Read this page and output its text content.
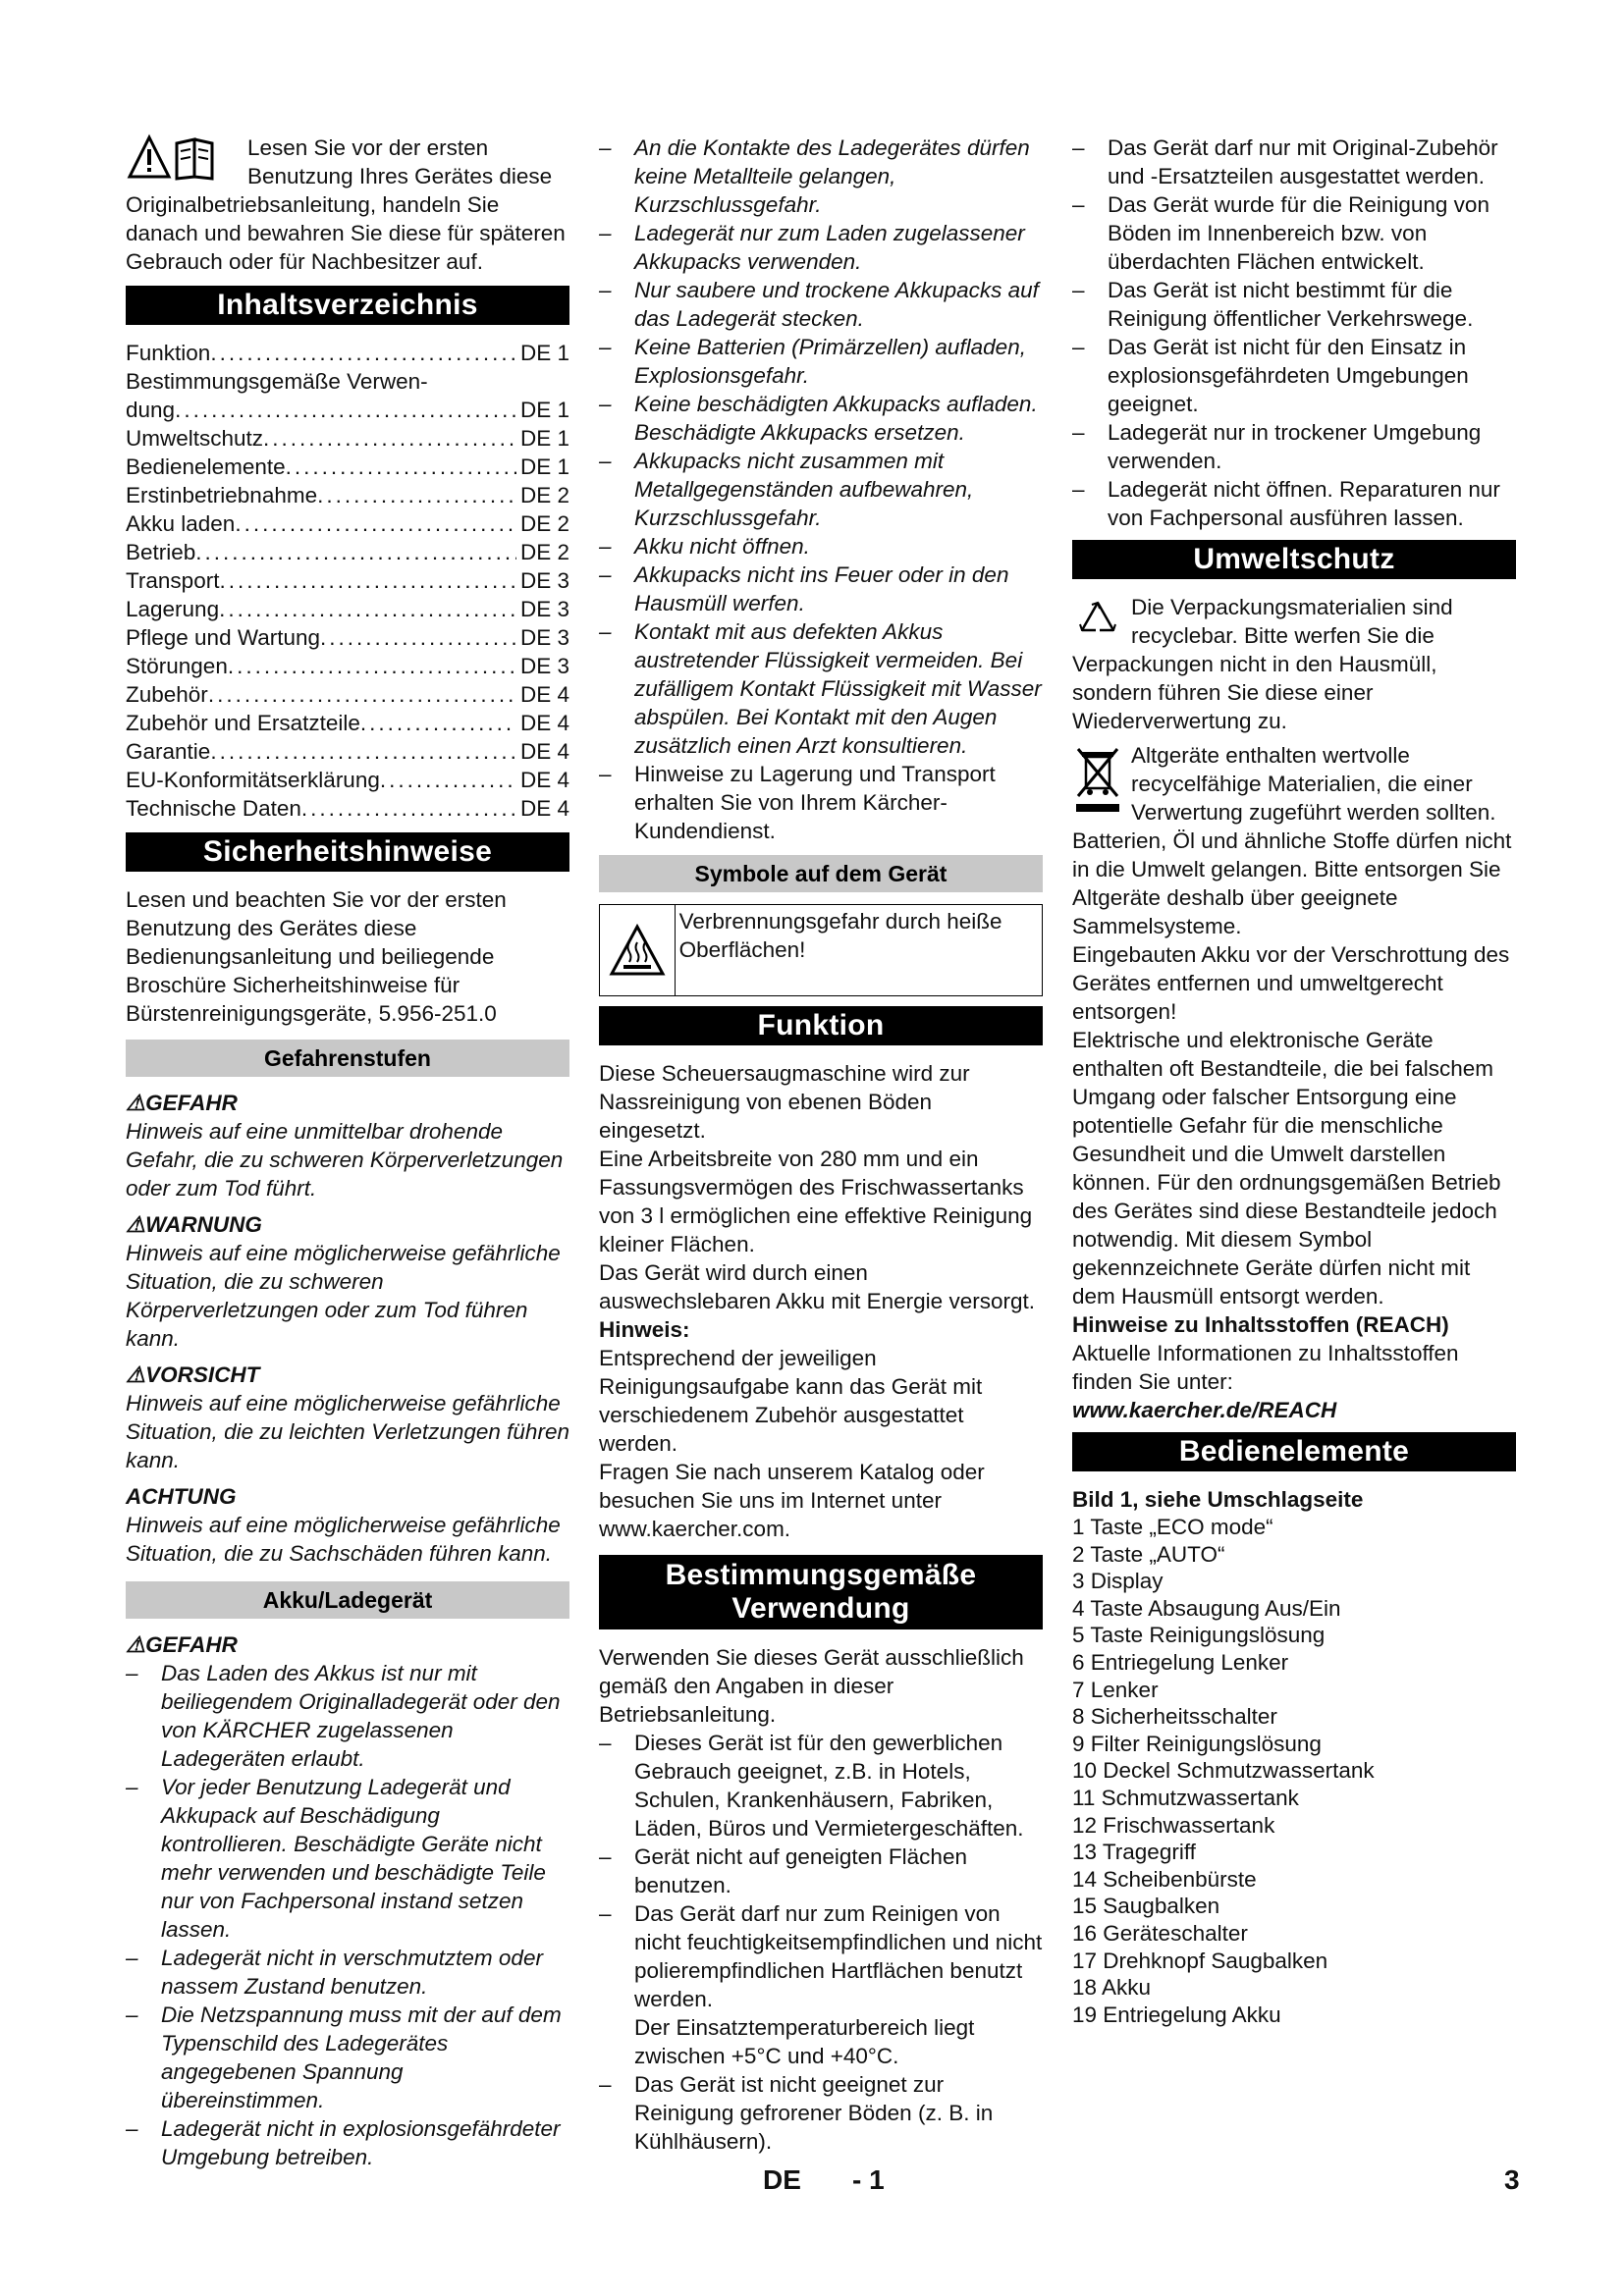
Lesen Sie vor der ersten Benutzung Ihres Gerätes diese Originalbetriebsanleitung, handeln Sie danach und bewahren Sie diese für späteren Gebrauch oder für Nachbesitzer auf.

Inhaltsverzeichnis
Funktion .....	DE 1
Bestimmungsgemäße Verwen-
dung .....	DE 1
Umweltschutz .....	DE 1
Bedienelemente .....	DE 1
Erstinbetriebnahme .....	DE 2
Akku laden .....	DE 2
Betrieb .....	DE 2
Transport .....	DE 3
Lagerung .....	DE 3
Pflege und Wartung .....	DE 3
Störungen .....	DE 3
Zubehör .....	DE 4
Zubehör und Ersatzteile .....	DE 4
Garantie .....	DE 4
EU-Konformitätserklärung .....	DE 4
Technische Daten .....	DE 4
Sicherheitshinweise

Lesen und beachten Sie vor der ersten Benutzung des Gerätes diese Bedienungsanleitung und beiliegende Broschüre Sicherheitshinweise für Bürstenreinigungsgeräte, 5.956-251.0

Gefahrenstufen
⚠GEFAHR

Hinweis auf eine unmittelbar drohende Gefahr, die zu schweren Körperverletzungen oder zum Tod führt.

⚠WARNUNG

Hinweis auf eine möglicherweise gefährliche Situation, die zu schweren Körperverletzungen oder zum Tod führen kann.

⚠VORSICHT

Hinweis auf eine möglicherweise gefährliche Situation, die zu leichten Verletzungen führen kann.

ACHTUNG

Hinweis auf eine möglicherweise gefährliche Situation, die zu Sachschäden führen kann.

Akku/Ladegerät
⚠GEFAHR

– Das Laden des Akkus ist nur mit beiliegendem Originalladegerät oder den von KÄRCHER zugelassenen Ladegeräten erlaubt.

– Vor jeder Benutzung Ladegerät und Akkupack auf Beschädigung kontrollieren. Beschädigte Geräte nicht mehr verwenden und beschädigte Teile nur von Fachpersonal instand setzen lassen.

– Ladegerät nicht in verschmutztem oder nassem Zustand benutzen.

– Die Netzspannung muss mit der auf dem Typenschild des Ladegerätes angegebenen Spannung übereinstimmen.

– Ladegerät nicht in explosionsgefährdeter Umgebung betreiben.

– An die Kontakte des Ladegerätes dürfen keine Metallteile gelangen, Kurzschlussgefahr.

– Ladegerät nur zum Laden zugelassener Akkupacks verwenden.

– Nur saubere und trockene Akkupacks auf das Ladegerät stecken.

– Keine Batterien (Primärzellen) aufladen, Explosionsgefahr.

– Keine beschädigten Akkupacks aufladen. Beschädigte Akkupacks ersetzen.

– Akkupacks nicht zusammen mit Metallgegenständen aufbewahren, Kurzschlussgefahr.

– Akku nicht öffnen.

– Akkupacks nicht ins Feuer oder in den Hausmüll werfen.

– Kontakt mit aus defekten Akkus austretender Flüssigkeit vermeiden. Bei zufälligem Kontakt Flüssigkeit mit Wasser abspülen. Bei Kontakt mit den Augen zusätzlich einen Arzt konsultieren.

– Hinweise zu Lagerung und Transport erhalten Sie von Ihrem Kärcher-Kundendienst.

Symbole auf dem Gerät
Verbrennungsgefahr durch heiße Oberflächen!
Funktion

Diese Scheuersaugmaschine wird zur Nassreinigung von ebenen Böden eingesetzt.

Eine Arbeitsbreite von 280 mm und ein Fassungsvermögen des Frischwassertanks von 3 l ermöglichen eine effektive Reinigung kleiner Flächen.

Das Gerät wird durch einen auswechslebaren Akku mit Energie versorgt.

Hinweis:

Entsprechend der jeweiligen Reinigungsaufgabe kann das Gerät mit verschiedenem Zubehör ausgestattet werden.

Fragen Sie nach unserem Katalog oder besuchen Sie uns im Internet unter www.kaercher.com.

Bestimmungsgemäße
Verwendung

Verwenden Sie dieses Gerät ausschließlich gemäß den Angaben in dieser Betriebsanleitung.

– Dieses Gerät ist für den gewerblichen Gebrauch geeignet, z.B. in Hotels, Schulen, Krankenhäusern, Fabriken, Läden, Büros und Vermietergeschäften.

– Gerät nicht auf geneigten Flächen benutzen.

– Das Gerät darf nur zum Reinigen von nicht feuchtigkeitsempfindlichen und nicht polierempfindlichen Hartflächen benutzt werden.

Der Einsatztemperaturbereich liegt zwischen +5°C und +40°C.

– Das Gerät ist nicht geeignet zur Reinigung gefrorener Böden (z. B. in Kühlhäusern).

– Das Gerät darf nur mit Original-Zubehör und -Ersatzteilen ausgestattet werden.

– Das Gerät wurde für die Reinigung von Böden im Innenbereich bzw. von überdachten Flächen entwickelt.

– Das Gerät ist nicht bestimmt für die Reinigung öffentlicher Verkehrswege.

– Das Gerät ist nicht für den Einsatz in explosionsgefährdeten Umgebungen geeignet.

– Ladegerät nur in trockener Umgebung verwenden.

– Ladegerät nicht öffnen. Reparaturen nur von Fachpersonal ausführen lassen.

Umweltschutz

Die Verpackungsmaterialien sind recyclebar. Bitte werfen Sie die Verpackungen nicht in den Hausmüll, sondern führen Sie diese einer Wiederverwertung zu.

Altgeräte enthalten wertvolle recycelfähige Materialien, die einer Verwertung zugeführt werden sollten. Batterien, Öl und ähnliche Stoffe dürfen nicht in die Umwelt gelangen. Bitte entsorgen Sie Altgeräte deshalb über geeignete Sammelsysteme.

Eingebauten Akku vor der Verschrottung des Gerätes entfernen und umweltgerecht entsorgen!

Elektrische und elektronische Geräte enthalten oft Bestandteile, die bei falschem Umgang oder falscher Entsorgung eine potentielle Gefahr für die menschliche Gesundheit und die Umwelt darstellen können. Für den ordnungsgemäßen Betrieb des Gerätes sind diese Bestandteile jedoch notwendig. Mit diesem Symbol gekennzeichnete Geräte dürfen nicht mit dem Hausmüll entsorgt werden.

Hinweise zu Inhaltsstoffen (REACH)

Aktuelle Informationen zu Inhaltsstoffen finden Sie unter:

www.kaercher.de/REACH

Bedienelemente

Bild 1, siehe Umschlagseite

1 Taste „ECO mode“

2 Taste „AUTO“

3 Display

4 Taste Absaugung Aus/Ein

5 Taste Reinigungslösung

6 Entriegelung Lenker

7 Lenker

8 Sicherheitsschalter

9 Filter Reinigungslösung

10 Deckel Schmutzwassertank

11 Schmutzwassertank

12 Frischwassertank

13 Tragegriff

14 Scheibenbürste

15 Saugbalken

16 Geräteschalter

17 Drehknopf Saugbalken

18 Akku

19 Entriegelung Akku

DE - 1	3
